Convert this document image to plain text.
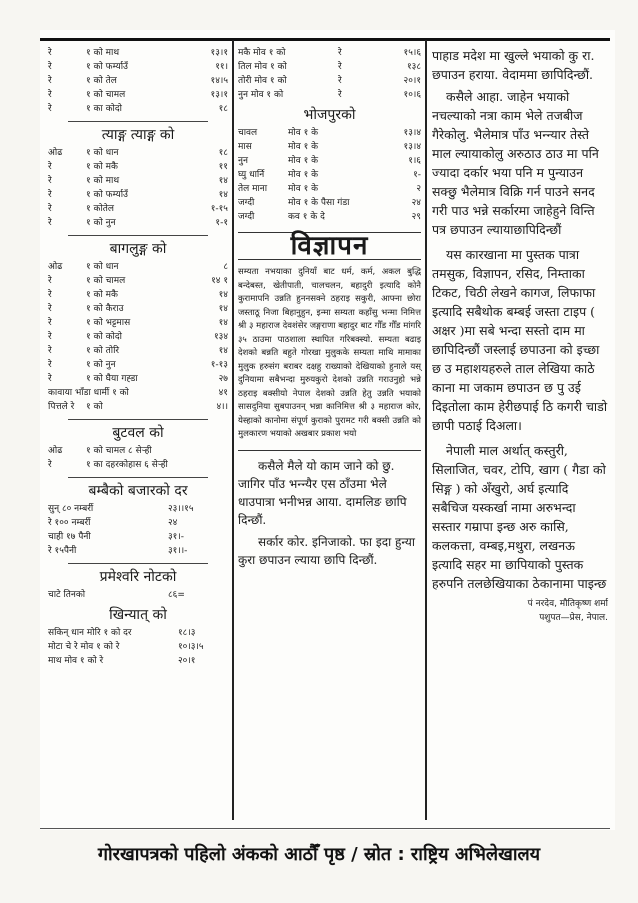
रे	१ को माथ	१३।१
रे	१ को फर्म्याउँ	११।
रे	१ को तेल	१४।५
रे	१ को चामल	१३।१
रे	१ का कोदो	१८
त्याङ्ग त्याङ्ग को
ओढ	१ को धान	१८
रे	१ को मकै	११
रे	१ को माथ	१४
रे	१ को फर्म्याउँ	१४
रे	१ कोतेल	१-१५
रे	१ को नुन	१-१
बागलुङ्ग को
ओढ	१ को धान	८
रे	१ को चामल	१४ १
रे	१ को मकै	१४
रे	१ को कैराउ	१४
रे	१ को भट्टमास	१४
रे	१ को कोदो	१३४
रे	१ को तोरि	१४
रे	१ को नुन	१-१३
रे	१ को घैया गह्‍डा	२७
कावाया भाँडा धार्मी १ को	४१
पित्तले रे	१ को	४।।
बुटवल को
ओढ	१ को चामल ८ सेर्‍ही
रे	१ का दहरकोहास ६ सेर्‍ही
बम्बैको बजारको दर
सुन् ८० नम्बर्री	२३।।१५
रे १०० नम्बर्री	२४
चाही १७ पैनी	३१।-
रे १५पैनी	३१।।-
प्रमेश्वरि नोटको
चाटे तिनको	८६=
खिन्यात् को
सकिन् धान मोरि १ को दर	१८।३
मोटा चे रे मोव १ को रे	१०।३।५
माथ मोव १ को रे	२०।१
मकै मोव १ को	रे	१५।६
तिल मोव १ को	रे	१३८
तोरी मोव १ को	रे	२०।१
नुन मोव १ को	रे	१०।६
भोजपुरको
चावल	मोव १ के	१३।४
मास	मोव १ के	१३।४
नुन	मोव १ के	१।६
घ्यु धार्नि	मोव १ के	१-
तेल माना	मोव १ के	२
जग्दी	मोव १ के पैसा गंडा	२४
जग्दी	कव १ के दे	२९
विज्ञापन
सम्यता नभयाका दुनियाँ बाट धर्म, कर्म, अकल बुद्धि बन्देबस्त, खेतीपाती, चालचलन, बहादुरी इत्यादि कोनै कुरामापनि उन्नति हुननसक्ने ठहराइ सकुरी, आफ्ना छोरा जस्ताठू निजा बिहानुहुन, इन्मा सम्यता कहाँसु भन्मा निमित्त श्री ३ महाराज देवशंसेर जङ्गराणा बहादुर बाट गौँड गौँड मांगरि ३५ ठाउमा पाठशाला स्थापित गरिबक्स्यो. सम्यता बढाइ देशको बन्नति बहुते गोरखा मुलुकके सम्यता माथि मामाका मुलुक हरुसंग बराबर दक्षहु राख्याको देखियाको हुनाले यस् दुनियामा सबैभन्दा मुरुयकुरो देशको उन्नति गराउनुहो भन्ने ठहराइ बक्सीयो नेपाल देशको उन्नति हेतु उन्नति भयाको सासदुनिया सुबपाउनन् भन्ना कानिमित्त श्री ३ महाराज कोर, येस्हाको कानोमा संपूर्ण कुराको पुरामट गरी बक्सी उन्नति को मुलकारण भयाको अखबार प्रकाश भयो
कसैले मैले यो काम जाने को छु. जागिर पाँउ भन्न्यैर एस ठाँउमा भेले धाउपात्रा भनीभन्न आया. दामलिङ छापि दिन्छौं.
सर्कार कोर. इनिजाको. फा इदा हुन्या कुरा छपाउन ल्याया छापि दिन्छौं.
पाहाड मदेश मा खुल्ले भयाको कु रा. छपाउन हराया. वेदाममा छापिदिन्छौं.
कसैले आहा. जाहेन भयाको नचल्याको नत्रा काम भेले तजबीज गैरेकोलु. भैलेमात्र पाँउ भन्न्यार तेस्ते माल ल्यायाकोलु अरुठाउ ठाउ मा पनि ज्यादा दर्कार भया पनि म पुन्याउन सक्छु भैलेमात्र विक्रि गर्न पाउने सनद गरी पाउ भन्ने सर्कारमा जाहेहुने विन्ति पत्र छपाउन ल्यायाछापिदिन्छौं
यस कारखाना मा पुस्तक पात्रा तमसुक, विज्ञापन, रसिद, निम्ताका टिकट, चिठी लेखने कागज, लिफाफा इत्यादि सबैथोक बम्बई जस्ता टाइप ( अक्षर )मा सबे भन्दा सस्तो दाम मा छापिदिन्छौं जस्लाई छपाउना को इच्छा छ उ महाशयहरुले ताल लेखिया काठे काना मा जकाम छपाउन छ पु उई दिइतोला काम हेरीछपाई ठि कगरी चाडो छापी पठाई दिअला।
नेपाली माल अर्थात् कस्तुरी, सिलाजित, चवर, टोपि, खाग ( गैडा को सिङ्ग ) को अँखुरो, अर्घ इत्यादि सबैचिज यस्कर्खा नामा अरुभन्दा सस्तार गम्रापा इन्छ अरु कासि, कलकत्ता, वम्बइ,मथुरा, लखनऊ इत्यादि सहर मा छापियाको पुस्तक हरुपनि तलछेखियाका ठेकानामा पाइन्छ
पं नरदेव, मौतिकृष्ण शर्मा
पशुपत—प्रेस, नेपाल.
गोरखापत्रको पहिलो अंकको आठौँ पृष्ठ / स्रोत : राष्ट्रिय अभिलेखालय
